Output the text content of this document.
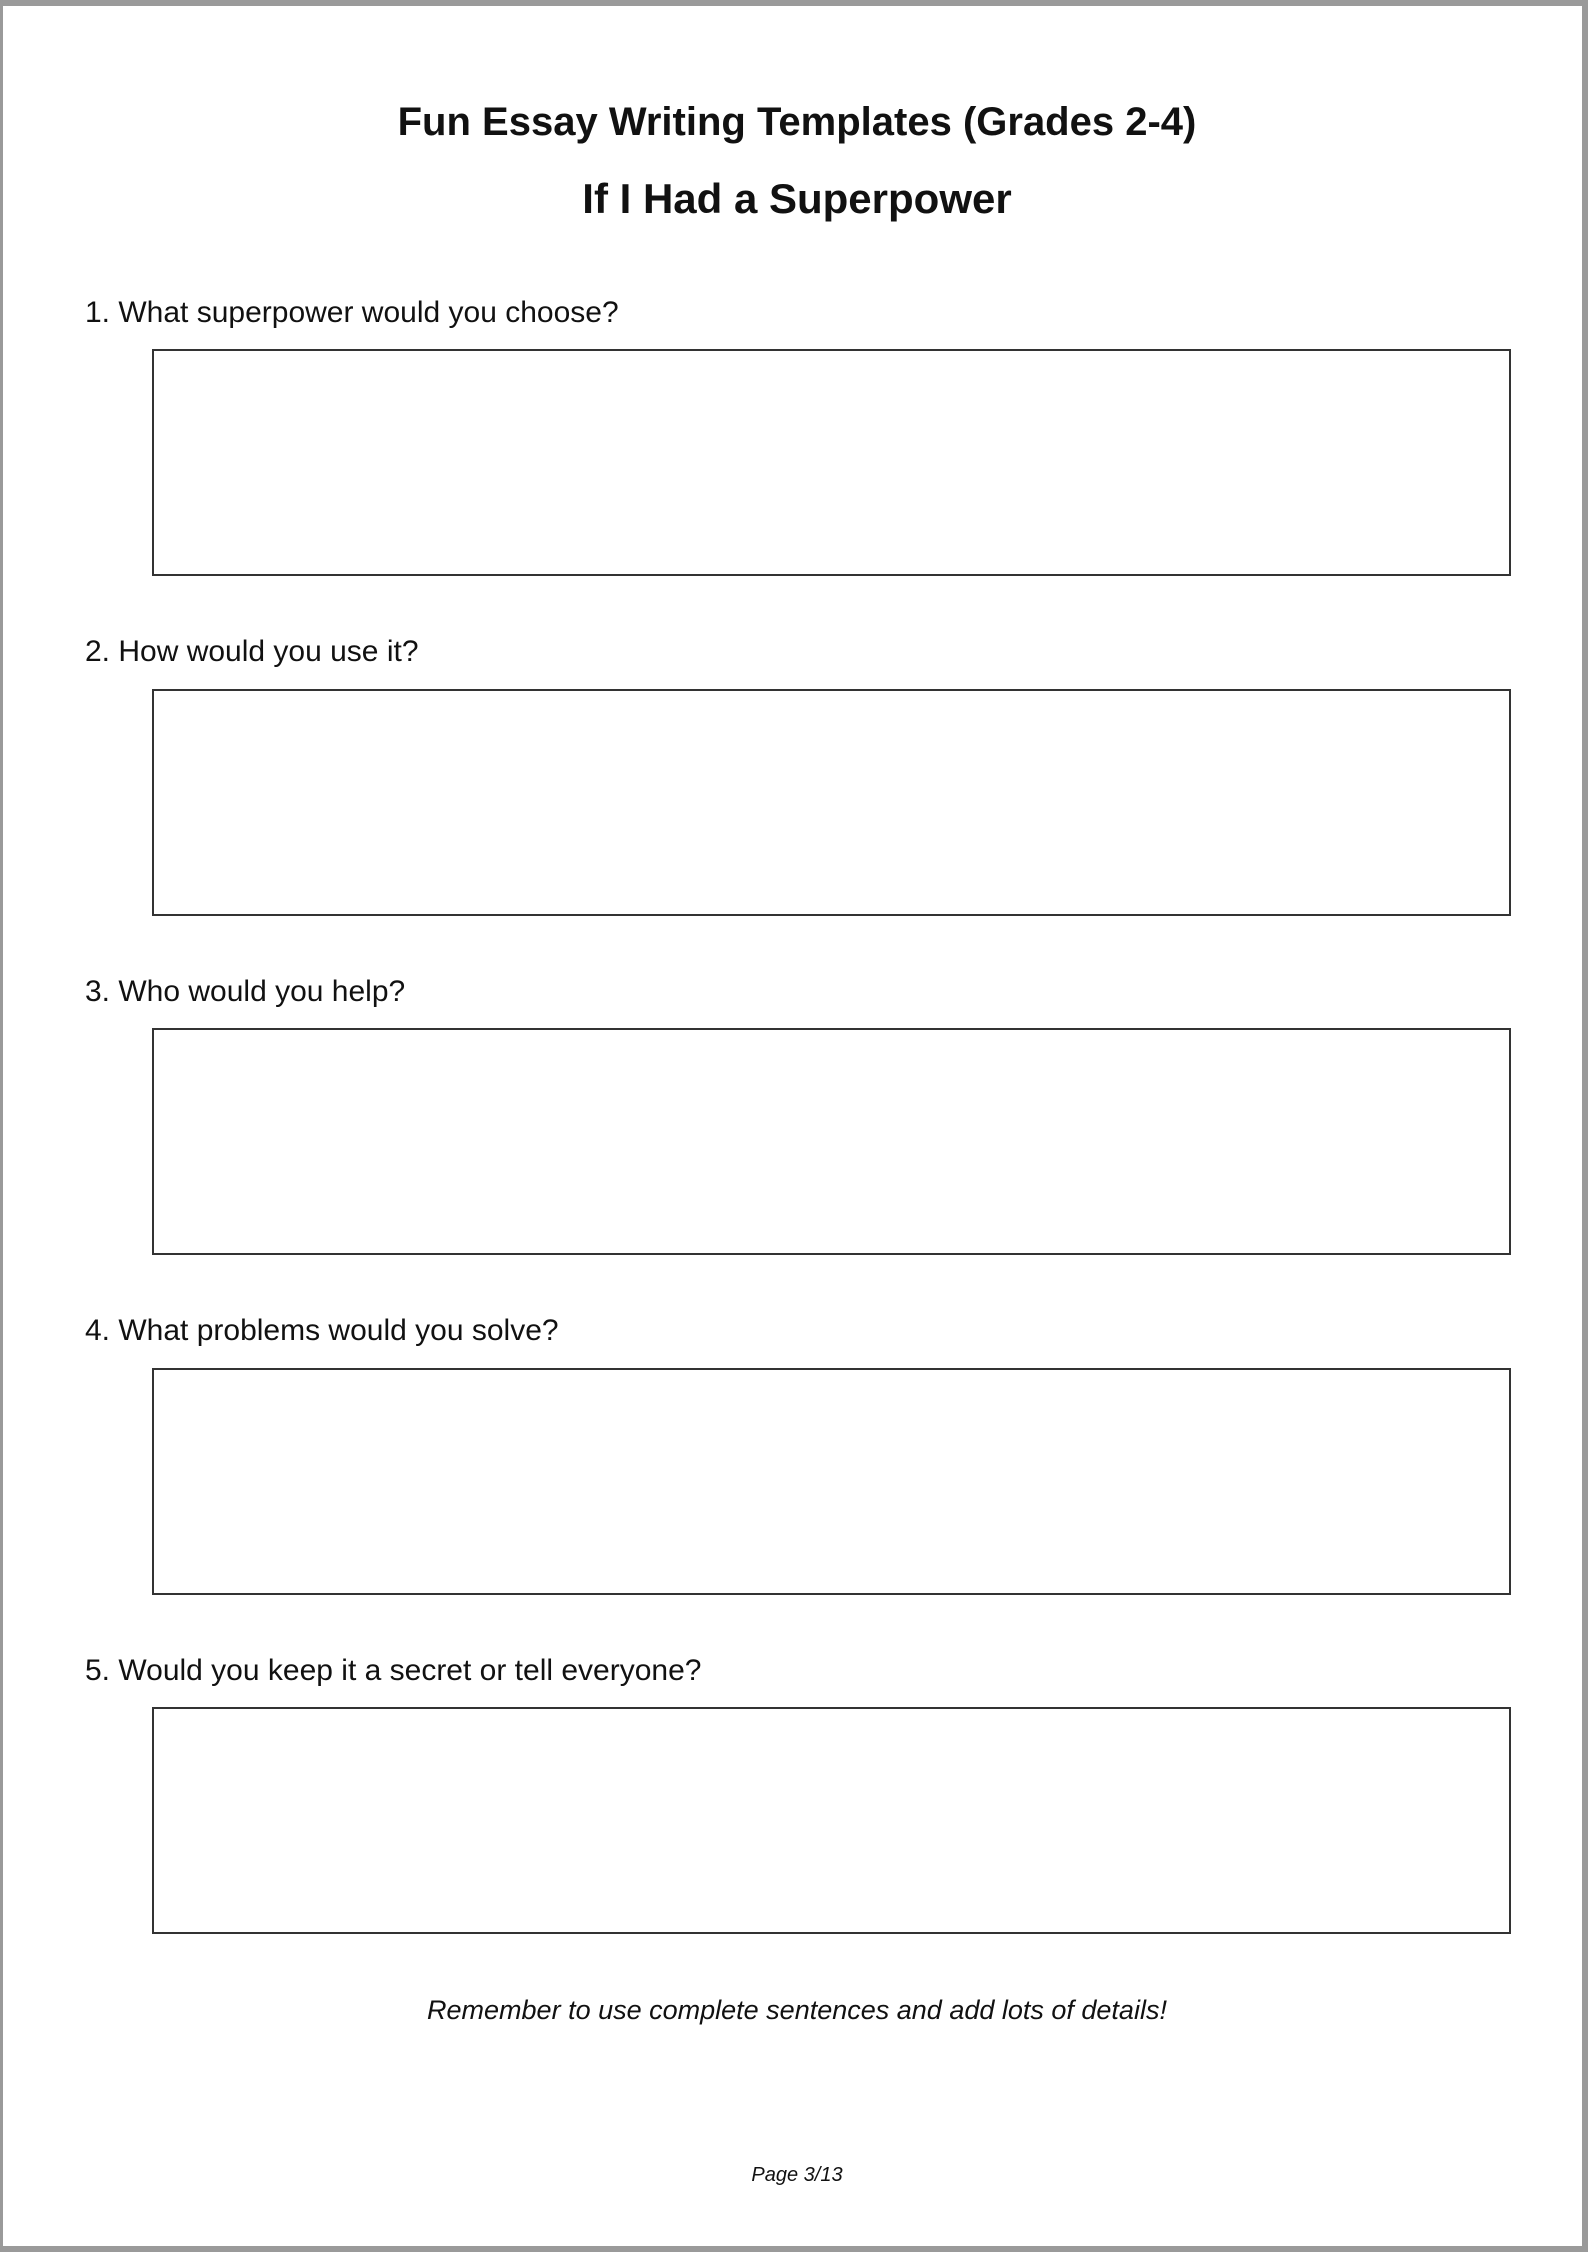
Fun Essay Writing Templates (Grades 2-4)
If I Had a Superpower

1. What superpower would you choose?

2. How would you use it?

3. Who would you help?

4. What problems would you solve?

5. Would you keep it a secret or tell everyone?

Remember to use complete sentences and add lots of details!

Page 3/13
